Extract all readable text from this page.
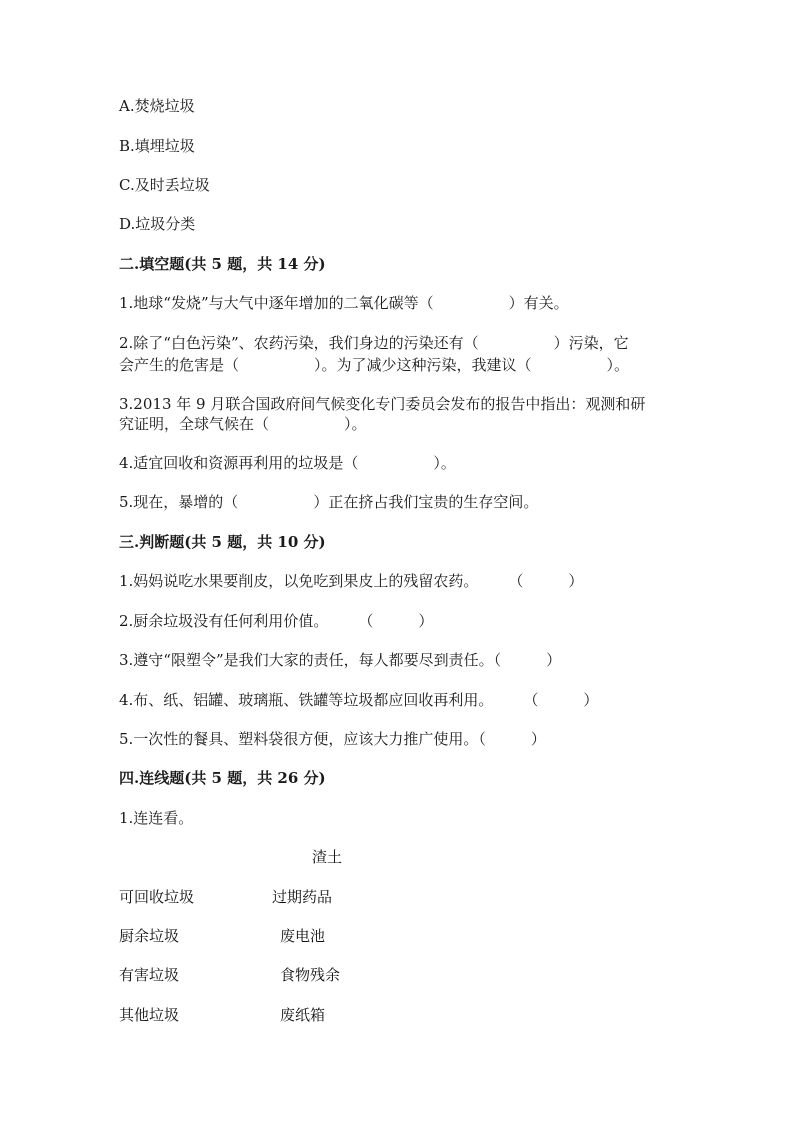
A.焚烧垃圾
B.填埋垃圾
C.及时丢垃圾
D.垃圾分类
二.填空题(共 5 题，共 14 分)
1.地球“发烧”与大气中逐年增加的二氧化碳等（　　　　　）有关。
2.除了“白色污染”、农药污染，我们身边的污染还有（　　　　　）污染，它
会产生的危害是（　　　　　）。为了减少这种污染，我建议（　　　　　）。
3.2013 年 9 月联合国政府间气候变化专门委员会发布的报告中指出：观测和研
究证明，全球气候在（　　　　　）。
4.适宜回收和资源再利用的垃圾是（　　　　　）。
5.现在，暴增的（　　　　　）正在挤占我们宝贵的生存空间。
三.判断题(共 5 题，共 10 分)
1.妈妈说吃水果要削皮，以免吃到果皮上的残留农药。　　　（　　　）
2.厨余垃圾没有任何利用价值。　　　（　　　）
3.遵守“限塑令”是我们大家的责任，每人都要尽到责任。（　　　）
4.布、纸、铝罐、玻璃瓶、铁罐等垃圾都应回收再利用。　　　（　　　）
5.一次性的餐具、塑料袋很方便，应该大力推广使用。（　　　）
四.连线题(共 5 题，共 26 分)
1.连连看。
渣土
可回收垃圾	过期药品
厨余垃圾	废电池
有害垃圾	食物残余
其他垃圾	废纸箱
